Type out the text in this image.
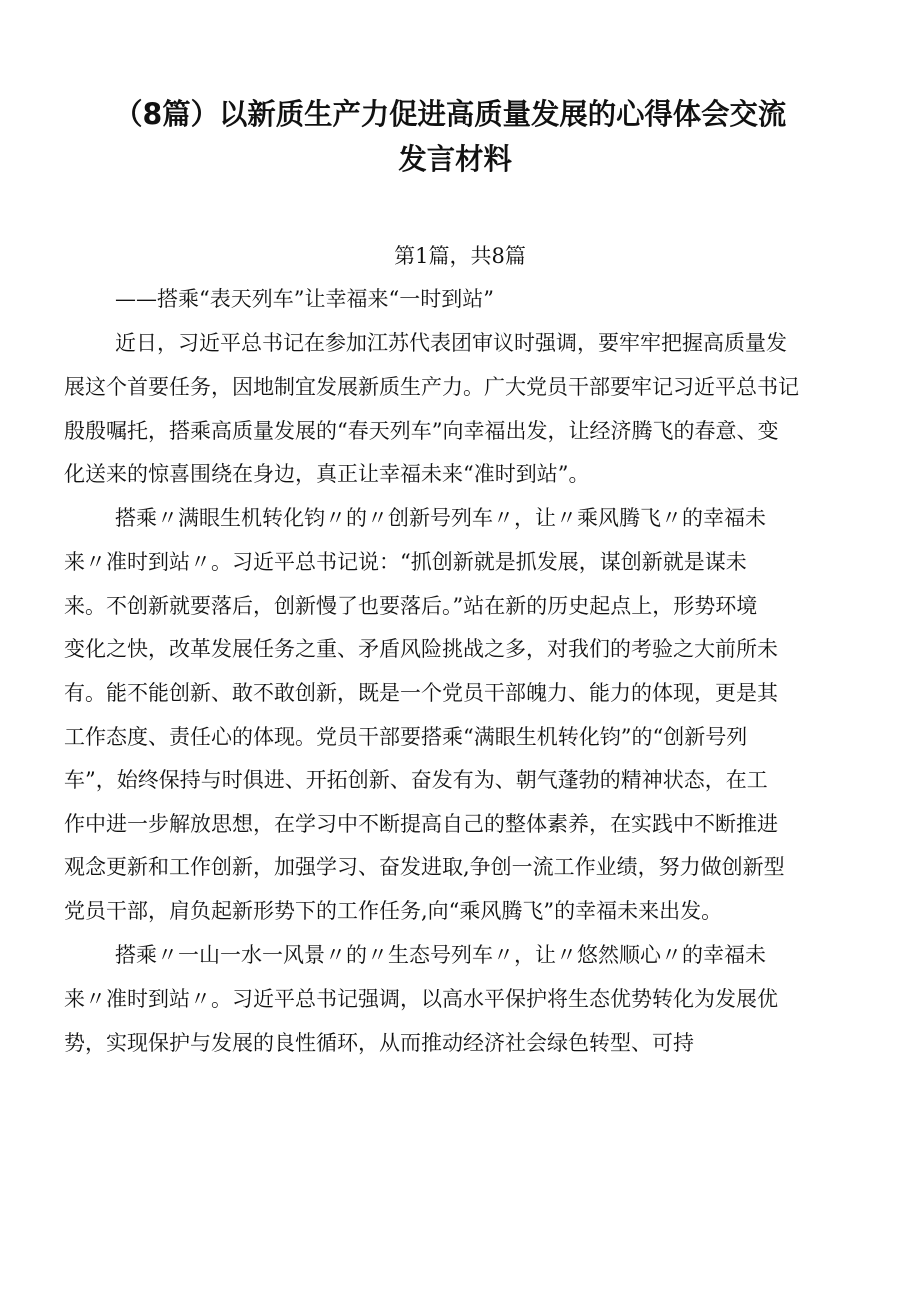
（8篇）以新质生产力促进高质量发展的心得体会交流
发言材料

第1篇，共8篇

——搭乘“表天列车”让幸福来“一时到站”

近日，习近平总书记在参加江苏代表团审议时强调，要牢牢把握高质量发

展这个首要任务，因地制宜发展新质生产力。广大党员干部要牢记习近平总书记

殷殷嘱托，搭乘高质量发展的“春天列车”向幸福出发，让经济腾飞的春意、变

化送来的惊喜围绕在身边，真正让幸福未来“准时到站”。

搭乘〃满眼生机转化钧〃的〃创新号列车〃，让〃乘风腾飞〃的幸福未

来〃准时到站〃。习近平总书记说：“抓创新就是抓发展，谋创新就是谋未

来。不创新就要落后，创新慢了也要落后。”站在新的历史起点上，形势环境

变化之快，改革发展任务之重、矛盾风险挑战之多，对我们的考验之大前所未

有。能不能创新、敢不敢创新，既是一个党员干部魄力、能力的体现，更是其

工作态度、责任心的体现。党员干部要搭乘“满眼生机转化钧”的“创新号列

车”，始终保持与时俱进、开拓创新、奋发有为、朝气蓬勃的精神状态，在工

作中进一步解放思想，在学习中不断提高自己的整体素养，在实践中不断推进

观念更新和工作创新，加强学习、奋发进取,争创一流工作业绩，努力做创新型

党员干部，肩负起新形势下的工作任务,向“乘风腾飞”的幸福未来出发。

搭乘〃一山一水一风景〃的〃生态号列车〃，让〃悠然顺心〃的幸福未

来〃准时到站〃。习近平总书记强调，以高水平保护将生态优势转化为发展优

势，实现保护与发展的良性循环，从而推动经济社会绿色转型、可持
